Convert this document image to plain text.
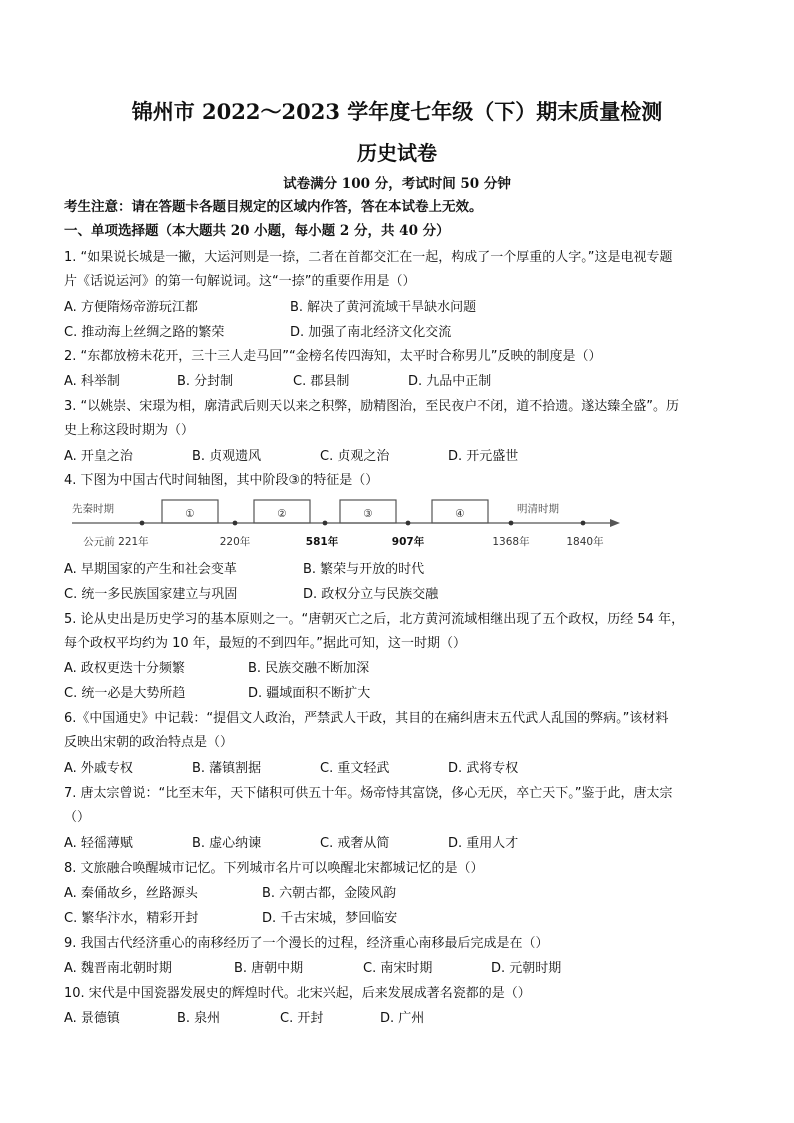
锦州市 2022～2023 学年度七年级（下）期末质量检测
历史试卷
试卷满分 100 分，考试时间 50 分钟
考生注意：请在答题卡各题目规定的区域内作答，答在本试卷上无效。
一、单项选择题（本大题共 20 小题，每小题 2 分，共 40 分）
1. “如果说长城是一撇，大运河则是一捺，二者在首都交汇在一起，构成了一个厚重的人字。”这是电视专题
片《话说运河》的第一句解说词。这“一捺”的重要作用是（）
A. 方便隋炀帝游玩江都	B. 解决了黄河流域干旱缺水问题
C. 推动海上丝绸之路的繁荣	D. 加强了南北经济文化交流
2. “东都放榜未花开，三十三人走马回”“金榜名传四海知，太平时合称男儿”反映的制度是（）
A. 科举制	B. 分封制	C. 郡县制	D. 九品中正制
3. “以姚崇、宋璟为相，廓清武后则天以来之积弊，励精图治，至民夜户不闭，道不拾遗。遂达臻全盛”。历
史上称这段时期为（）
A. 开皇之治	B. 贞观遗风	C. 贞观之治	D. 开元盛世
4. 下图为中国古代时间轴图，其中阶段③的特征是（）
先秦时期	①	②	③	④	明清时期
公元前 221年	220年	581年	907年	1368年	1840年
A. 早期国家的产生和社会变革	B. 繁荣与开放的时代
C. 统一多民族国家建立与巩固	D. 政权分立与民族交融
5. 论从史出是历史学习的基本原则之一。“唐朝灭亡之后，北方黄河流域相继出现了五个政权，历经 54 年，
每个政权平均约为 10 年，最短的不到四年。”据此可知，这一时期（）
A. 政权更迭十分频繁	B. 民族交融不断加深
C. 统一必是大势所趋	D. 疆域面积不断扩大
6.《中国通史》中记载：“提倡文人政治，严禁武人干政，其目的在痛纠唐末五代武人乱国的弊病。”该材料
反映出宋朝的政治特点是（）
A. 外戚专权	B. 藩镇割据	C. 重文轻武	D. 武将专权
7. 唐太宗曾说：“比至末年，天下储积可供五十年。炀帝恃其富饶，侈心无厌，卒亡天下。”鉴于此，唐太宗
（）
A. 轻徭薄赋	B. 虚心纳谏	C. 戒奢从简	D. 重用人才
8. 文旅融合唤醒城市记忆。下列城市名片可以唤醒北宋都城记忆的是（）
A. 秦俑故乡，丝路源头	B. 六朝古都，金陵风韵
C. 繁华汴水，精彩开封	D. 千古宋城，梦回临安
9. 我国古代经济重心的南移经历了一个漫长的过程，经济重心南移最后完成是在（）
A. 魏晋南北朝时期	B. 唐朝中期	C. 南宋时期	D. 元朝时期
10. 宋代是中国瓷器发展史的辉煌时代。北宋兴起，后来发展成著名瓷都的是（）
A. 景德镇	B. 泉州	C. 开封	D. 广州
